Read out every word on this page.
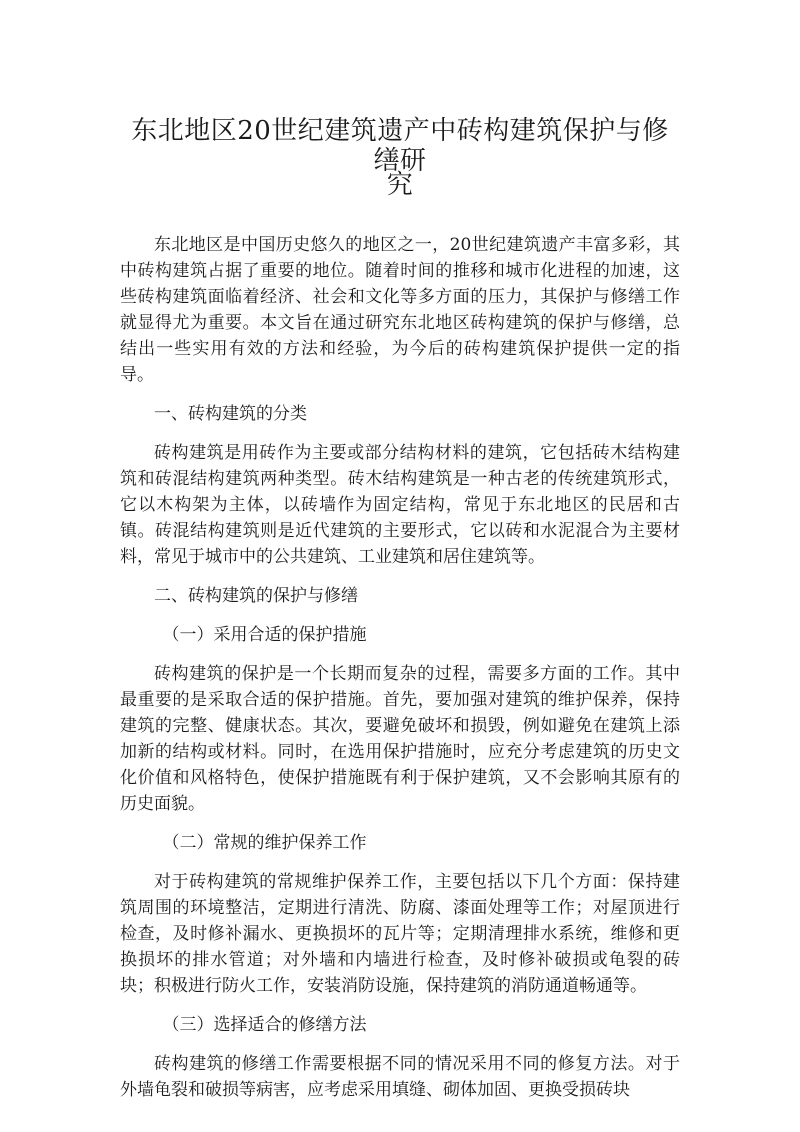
东北地区20世纪建筑遗产中砖构建筑保护与修缮研
究

东北地区是中国历史悠久的地区之一，20世纪建筑遗产丰富多彩，其中砖构建筑占据了重要的地位。随着时间的推移和城市化进程的加速，这些砖构建筑面临着经济、社会和文化等多方面的压力，其保护与修缮工作就显得尤为重要。本文旨在通过研究东北地区砖构建筑的保护与修缮，总结出一些实用有效的方法和经验，为今后的砖构建筑保护提供一定的指导。

一、砖构建筑的分类

砖构建筑是用砖作为主要或部分结构材料的建筑，它包括砖木结构建筑和砖混结构建筑两种类型。砖木结构建筑是一种古老的传统建筑形式，它以木构架为主体，以砖墙作为固定结构，常见于东北地区的民居和古镇。砖混结构建筑则是近代建筑的主要形式，它以砖和水泥混合为主要材料，常见于城市中的公共建筑、工业建筑和居住建筑等。

二、砖构建筑的保护与修缮

（一）采用合适的保护措施

砖构建筑的保护是一个长期而复杂的过程，需要多方面的工作。其中最重要的是采取合适的保护措施。首先，要加强对建筑的维护保养，保持建筑的完整、健康状态。其次，要避免破坏和损毁，例如避免在建筑上添加新的结构或材料。同时，在选用保护措施时，应充分考虑建筑的历史文化价值和风格特色，使保护措施既有利于保护建筑，又不会影响其原有的历史面貌。

（二）常规的维护保养工作

对于砖构建筑的常规维护保养工作，主要包括以下几个方面：保持建筑周围的环境整洁，定期进行清洗、防腐、漆面处理等工作；对屋顶进行检查，及时修补漏水、更换损坏的瓦片等；定期清理排水系统，维修和更换损坏的排水管道；对外墙和内墙进行检查，及时修补破损或龟裂的砖块；积极进行防火工作，安装消防设施，保持建筑的消防通道畅通等。

（三）选择适合的修缮方法

砖构建筑的修缮工作需要根据不同的情况采用不同的修复方法。对于外墙龟裂和破损等病害，应考虑采用填缝、砌体加固、更换受损砖块
